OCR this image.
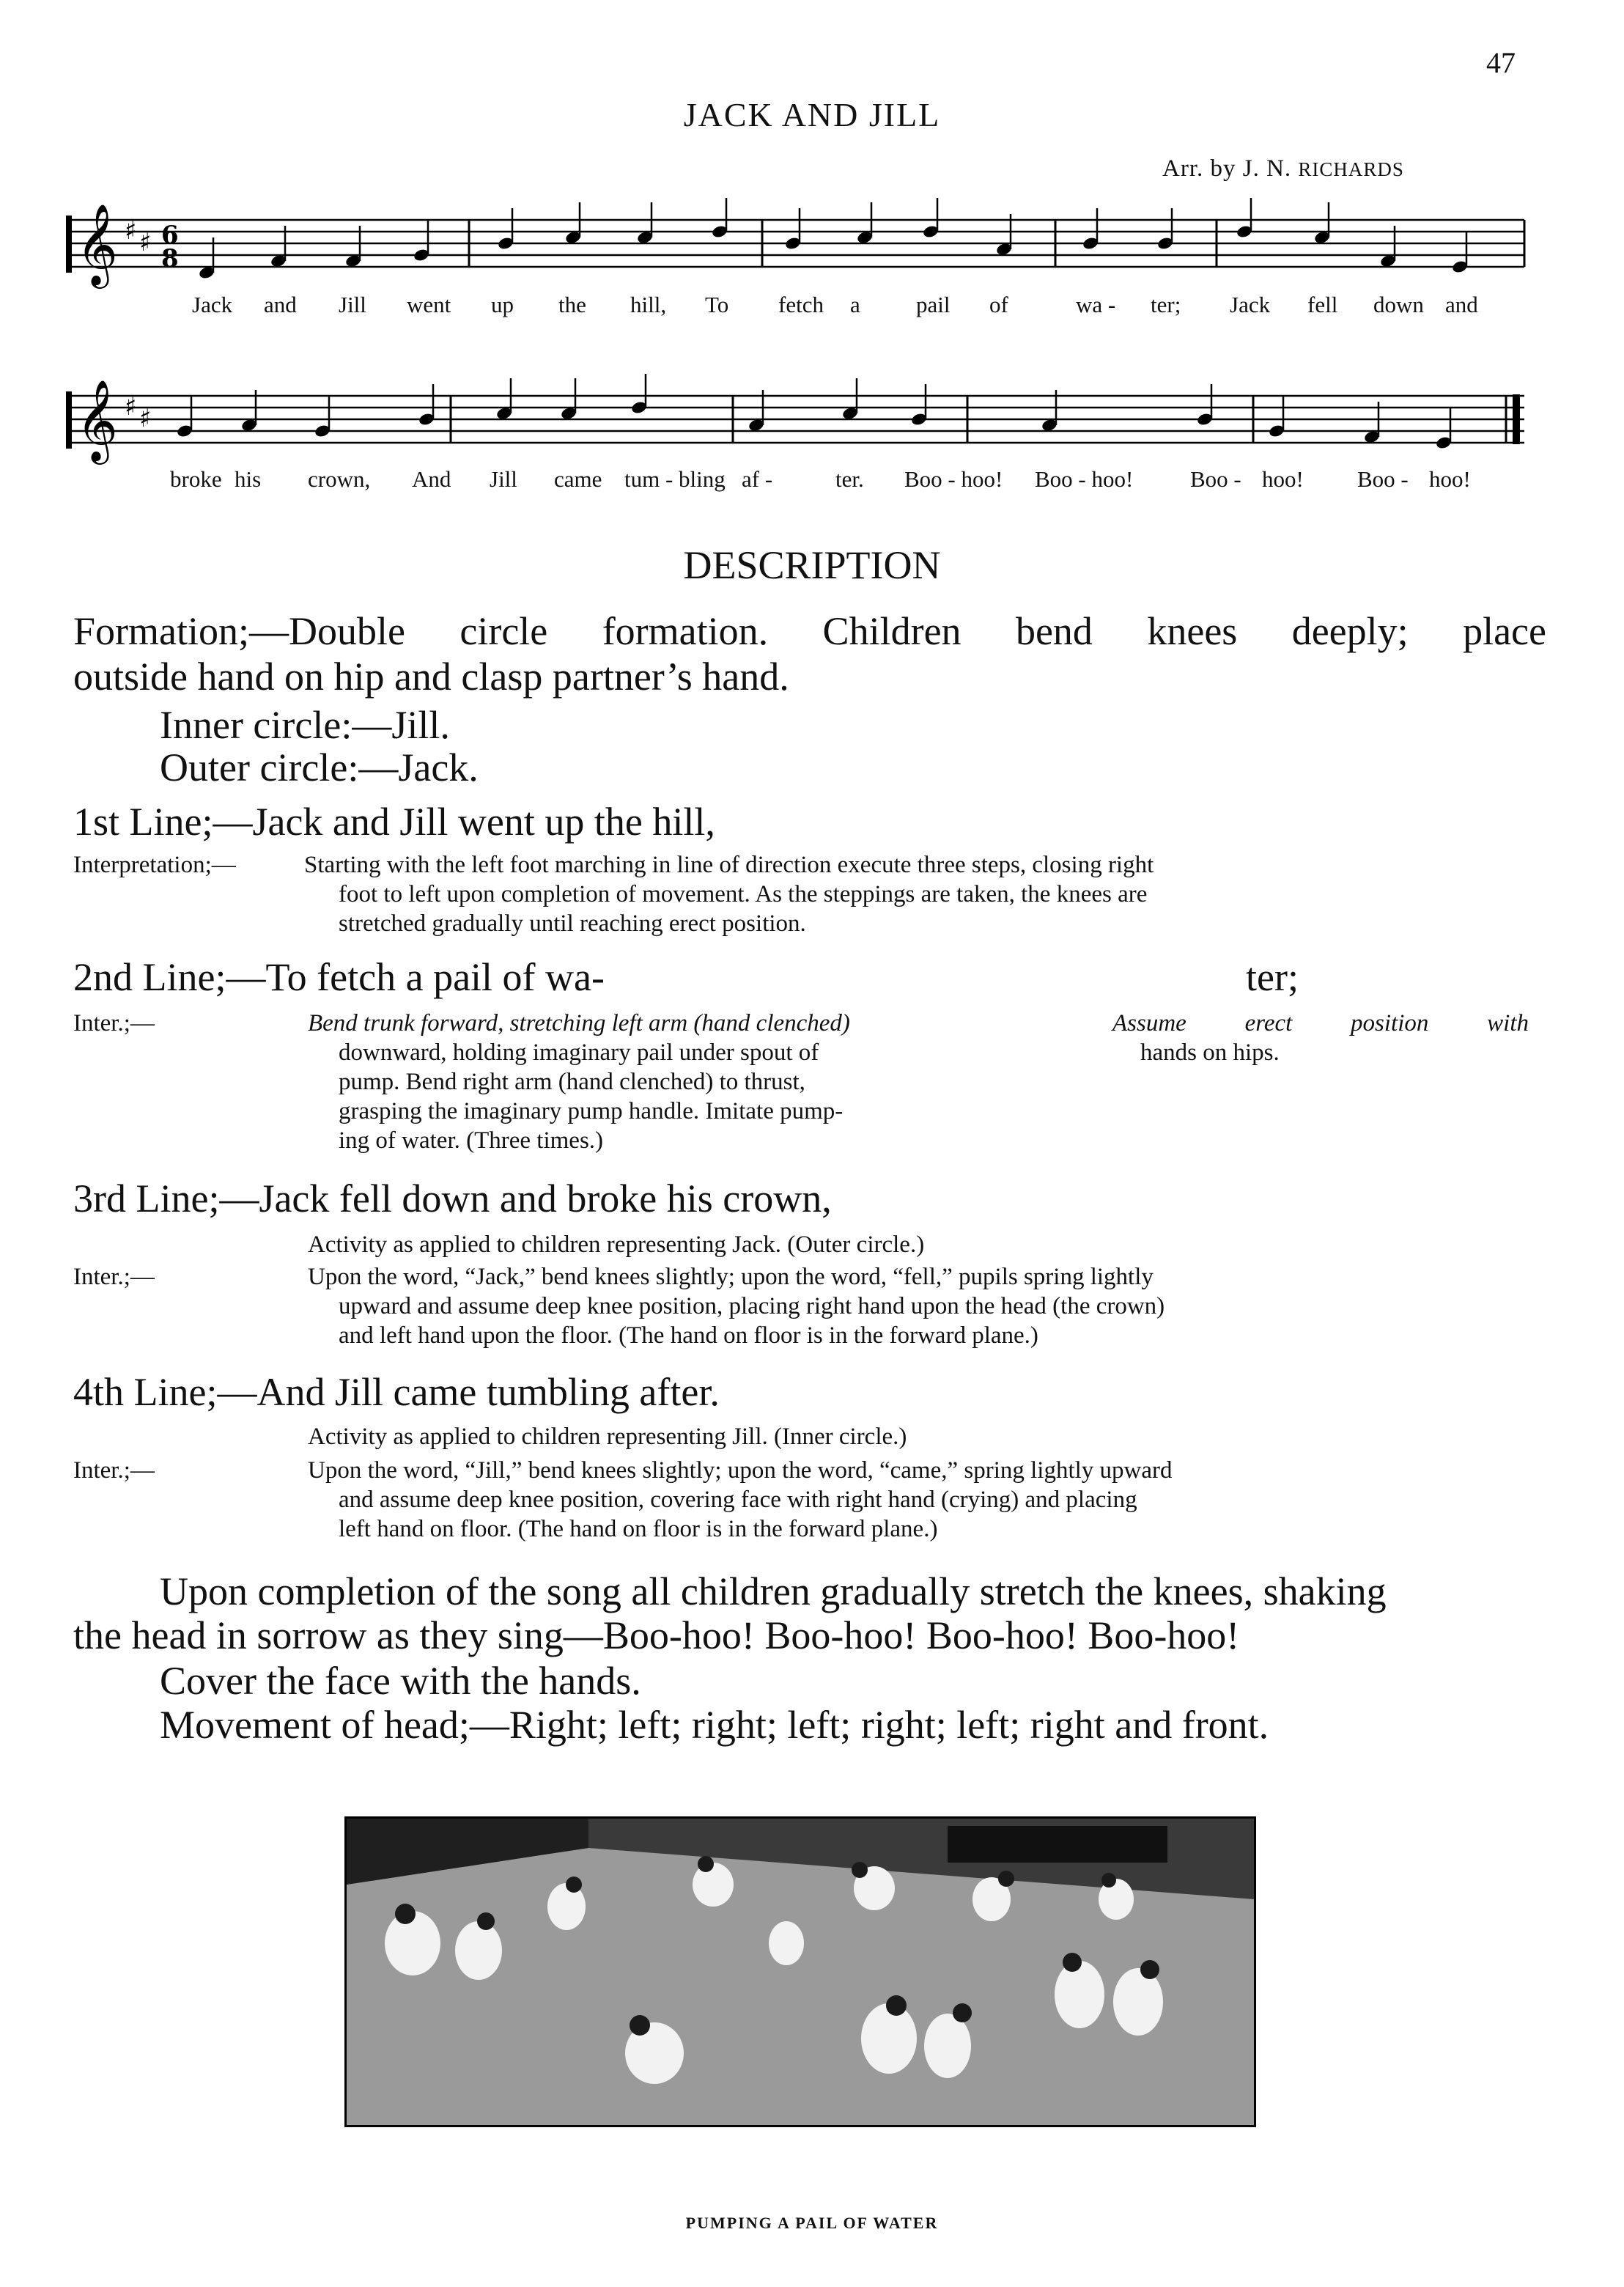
47
JACK AND JILL
Arr. by J. N. RICHARDS
𝄞 ♯ ♯ 6
8
Jack and Jill went up the hill, To fetch a pail of	wa - ter; Jack fell down and
𝄞 ♯ ♯
broke his crown, And Jill came tum - bling af -	ter. Boo - hoo! Boo - hoo!	Boo - hoo! Boo - hoo!
DESCRIPTION
Formation;—Double circle formation. Children bend knees deeply; place
outside hand on hip and clasp partner’s hand.
Inner circle:—Jill.
Outer circle:—Jack.
1st Line;—Jack and Jill went up the hill,
Interpretation;—	Starting with the left foot marching in line of direction execute three steps, closing right
foot to left upon completion of movement. As the steppings are taken, the knees are
stretched gradually until reaching erect position.
2nd Line;—To fetch a pail of wa-	ter;
Inter.;—	Bend trunk forward, stretching left arm (hand clenched)
downward, holding imaginary pail under spout of
pump. Bend right arm (hand clenched) to thrust,
grasping the imaginary pump handle. Imitate pump-
ing of water. (Three times.)
Assume erect position with
hands on hips.
3rd Line;—Jack fell down and broke his crown,
Activity as applied to children representing Jack. (Outer circle.)
Inter.;—	Upon the word, “Jack,” bend knees slightly; upon the word, “fell,” pupils spring lightly
upward and assume deep knee position, placing right hand upon the head (the crown)
and left hand upon the floor. (The hand on floor is in the forward plane.)
4th Line;—And Jill came tumbling after.
Activity as applied to children representing Jill. (Inner circle.)
Inter.;—	Upon the word, “Jill,” bend knees slightly; upon the word, “came,” spring lightly upward
and assume deep knee position, covering face with right hand (crying) and placing
left hand on floor. (The hand on floor is in the forward plane.)
Upon completion of the song all children gradually stretch the knees, shaking
the head in sorrow as they sing—Boo-hoo! Boo-hoo! Boo-hoo! Boo-hoo!
Cover the face with the hands.
Movement of head;—Right; left; right; left; right; left; right and front.
PUMPING A PAIL OF WATER
